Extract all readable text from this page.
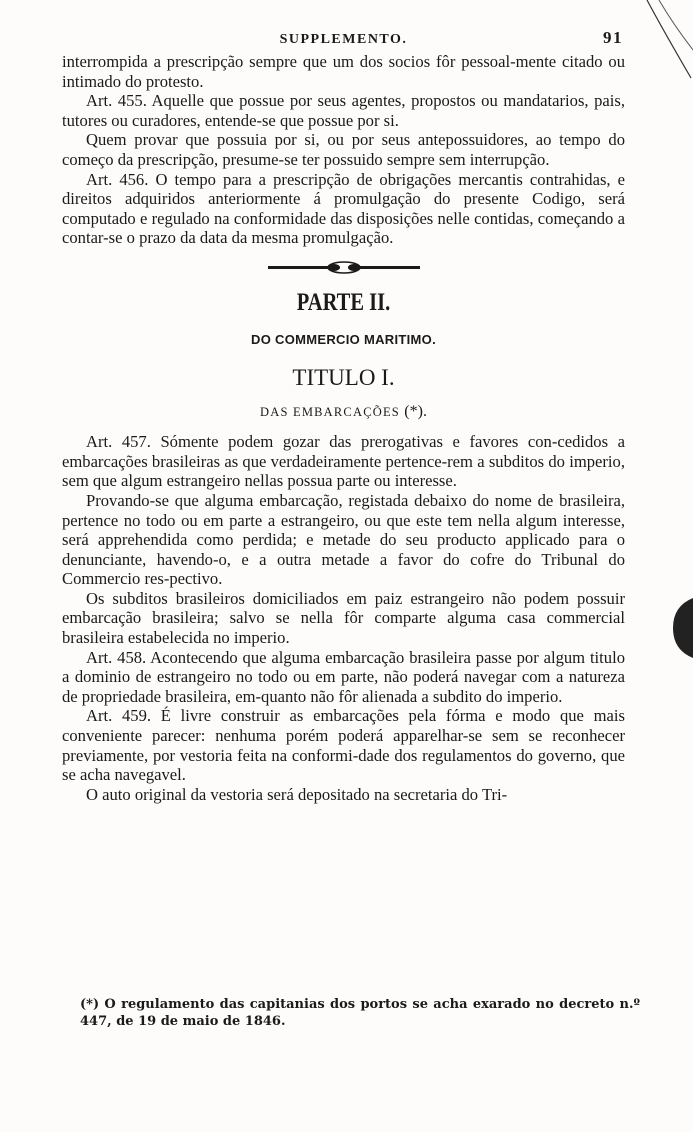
SUPPLEMENTO.	91

interrompida a prescripção sempre que um dos socios fôr pessoal-mente citado ou intimado do protesto.

Art. 455. Aquelle que possue por seus agentes, propostos ou mandatarios, pais, tutores ou curadores, entende-se que possue por si.

Quem provar que possuia por si, ou por seus antepossuidores, ao tempo do começo da prescripção, presume-se ter possuido sempre sem interrupção.

Art. 456. O tempo para a prescripção de obrigações mercantis contrahidas, e direitos adquiridos anteriormente á promulgação do presente Codigo, será computado e regulado na conformidade das disposições nelle contidas, começando a contar-se o prazo da data da mesma promulgação.

PARTE II.
DO COMMERCIO MARITIMO.
TITULO I.
DAS EMBARCAÇÕES (*).

Art. 457. Sómente podem gozar das prerogativas e favores con-cedidos a embarcações brasileiras as que verdadeiramente pertence-rem a subditos do imperio, sem que algum estrangeiro nellas possua parte ou interesse.

Provando-se que alguma embarcação, registada debaixo do nome de brasileira, pertence no todo ou em parte a estrangeiro, ou que este tem nella algum interesse, será apprehendida como perdida; e metade do seu producto applicado para o denunciante, havendo-o, e a outra metade a favor do cofre do Tribunal do Commercio res-pectivo.

Os subditos brasileiros domiciliados em paiz estrangeiro não podem possuir embarcação brasileira; salvo se nella fôr comparte alguma casa commercial brasileira estabelecida no imperio.

Art. 458. Acontecendo que alguma embarcação brasileira passe por algum titulo a dominio de estrangeiro no todo ou em parte, não poderá navegar com a natureza de propriedade brasileira, em-quanto não fôr alienada a subdito do imperio.

Art. 459. É livre construir as embarcações pela fórma e modo que mais conveniente parecer: nenhuma porém poderá apparelhar-se sem se reconhecer previamente, por vestoria feita na conformi-dade dos regulamentos do governo, que se acha navegavel.

O auto original da vestoria será depositado na secretaria do Tri-

(*) O regulamento das capitanias dos portos se acha exarado no decreto n.º 447, de 19 de maio de 1846.
